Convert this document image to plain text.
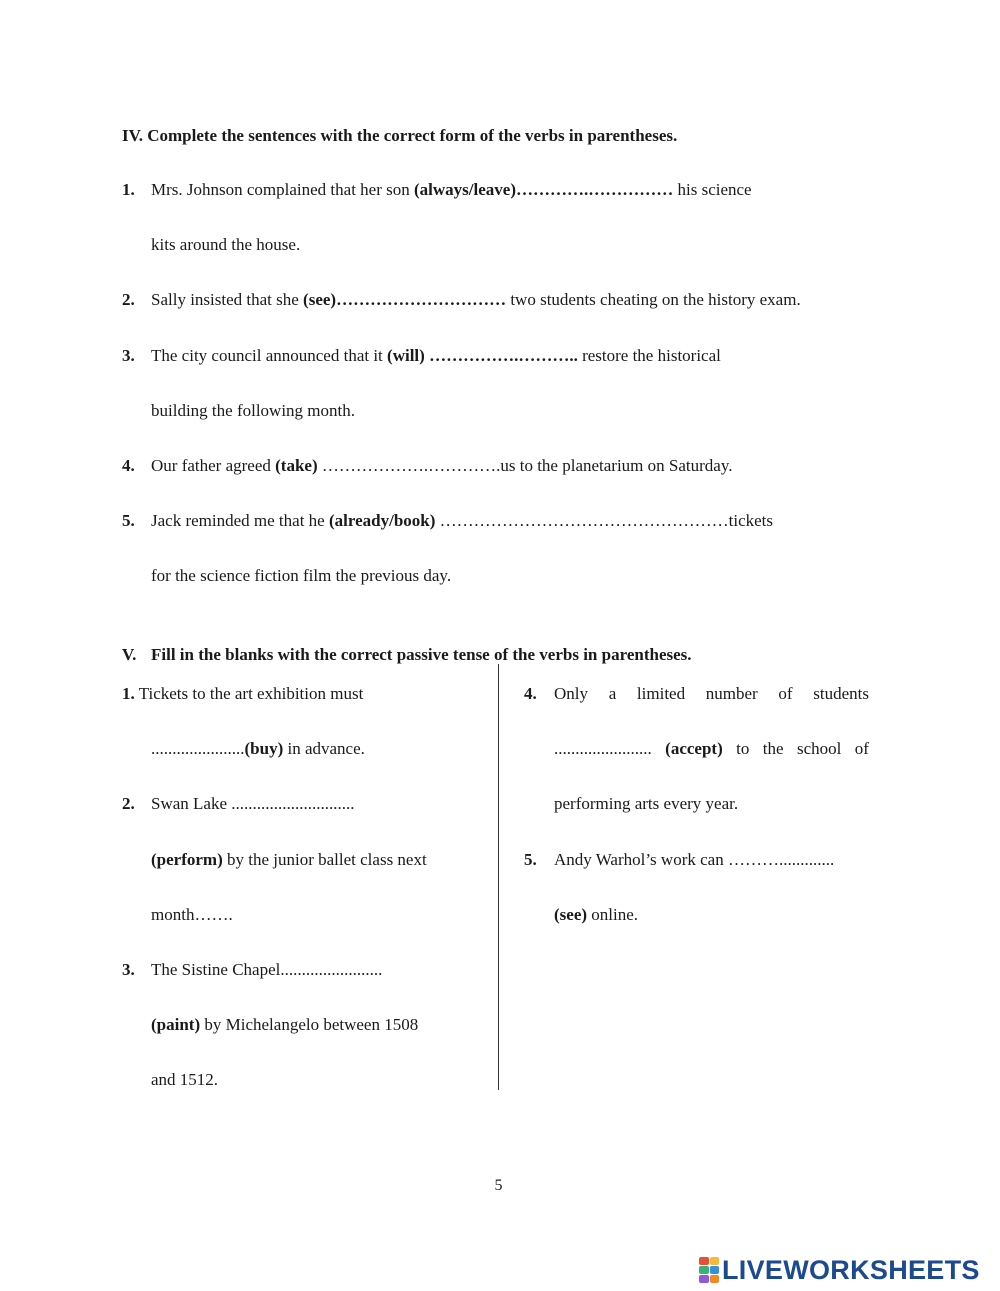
IV. Complete the sentences with the correct form of the verbs in parentheses.
1. Mrs. Johnson complained that her son (always/leave)………….…………… his science
kits around the house.
2. Sally insisted that she (see)………………………… two students cheating on the history exam.
3. The city council announced that it (will) …………….……….. restore the historical
building the following month.
4. Our father agreed (take) ……………….………….us to the planetarium on Saturday.
5. Jack reminded me that he (already/book) ……………………………………………tickets
for the science fiction film the previous day.
V. Fill in the blanks with the correct passive tense of the verbs in parentheses.
1. Tickets to the art exhibition must
......................(buy) in advance.
2. Swan Lake .............................
(perform) by the junior ballet class next
month…….
3. The Sistine Chapel........................
(paint) by Michelangelo between 1508
and 1512.
4. Only a limited number of students
....................... (accept) to the school of
performing arts every year.
5. Andy Warhol’s work can ……….............
(see) online.
5
LIVEWORKSHEETS
